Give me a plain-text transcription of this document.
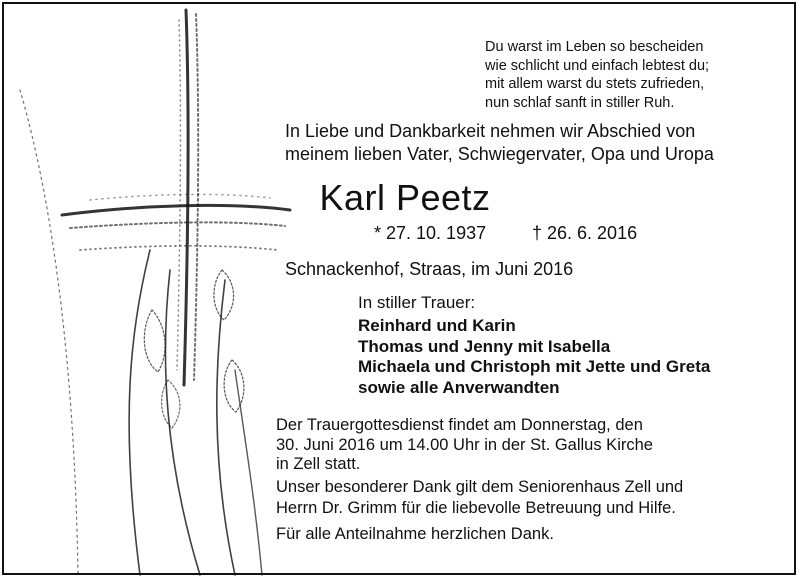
Du warst im Leben so bescheiden
wie schlicht und einfach lebtest du;
mit allem warst du stets zufrieden,
nun schlaf sanft in stiller Ruh.
In Liebe und Dankbarkeit nehmen wir Abschied von
meinem lieben Vater, Schwiegervater, Opa und Uropa
Karl Peetz
* 27. 10. 1937	† 26. 6. 2016
Schnackenhof, Straas, im Juni 2016
In stiller Trauer:
Reinhard und Karin
Thomas und Jenny mit Isabella
Michaela und Christoph mit Jette und Greta
sowie alle Anverwandten
Der Trauergottesdienst findet am Donnerstag, den
30. Juni 2016 um 14.00 Uhr in der St. Gallus Kirche
in Zell statt.
Unser besonderer Dank gilt dem Seniorenhaus Zell und
Herrn Dr. Grimm für die liebevolle Betreuung und Hilfe.
Für alle Anteilnahme herzlichen Dank.
